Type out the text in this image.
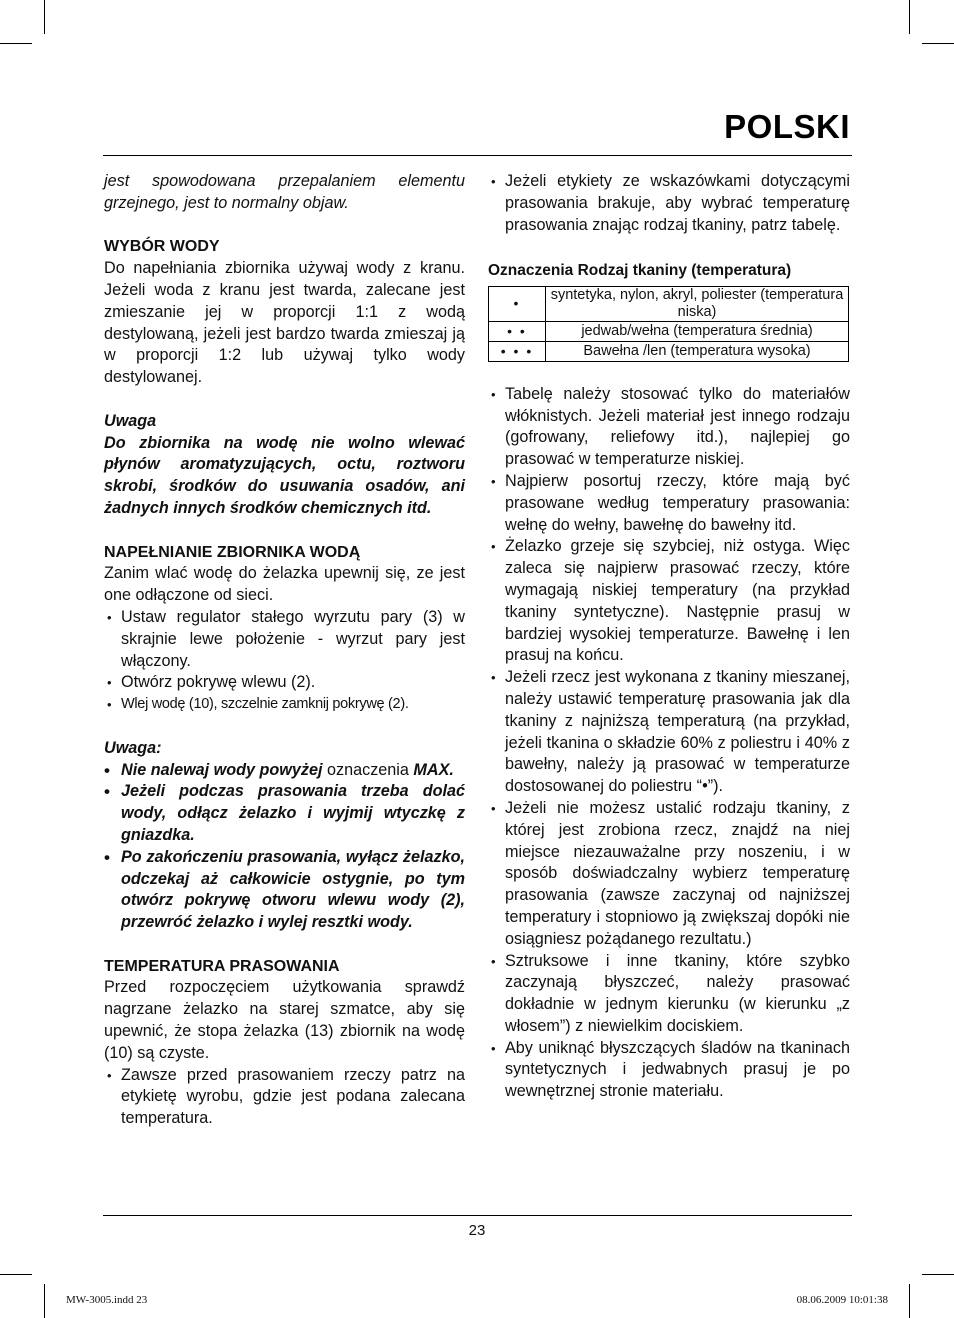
POLSKI

jest spowodowana przepalaniem elementu grzejnego, jest to normalny objaw.

WYBÓR WODY

Do napełniania zbiornika używaj wody z kranu. Jeżeli woda z kranu jest twarda, zalecane jest zmieszanie jej w proporcji 1:1 z wodą destylowaną, jeżeli jest bardzo twarda zmieszaj ją w proporcji 1:2 lub używaj tylko wody destylowanej.

Uwaga

Do zbiornika na wodę nie wolno wlewać płynów aromatyzujących, octu, roztworu skrobi, środków do usuwania osadów, ani żadnych innych środków chemicznych itd.

NAPEŁNIANIE ZBIORNIKA WODĄ

Zanim wlać wodę do żelazka upewnij się, ze jest one odłączone od sieci.

• Ustaw regulator stałego wyrzutu pary (3) w skrajnie lewe położenie - wyrzut pary jest włączony.
• Otwórz pokrywę wlewu (2).
• Wlej wodę (10), szczelnie zamknij pokrywę (2).

Uwaga:

• Nie nalewaj wody powyżej oznaczenia MAX.
• Jeżeli podczas prasowania trzeba dolać wody, odłącz żelazko i wyjmij wtyczkę z gniazdka.
• Po zakończeniu prasowania, wyłącz żelazko, odczekaj aż całkowicie ostygnie, po tym otwórz pokrywę otworu wlewu wody (2), przewróć żelazko i wylej resztki wody.
TEMPERATURA PRASOWANIA

Przed rozpoczęciem użytkowania sprawdź nagrzane żelazko na starej szmatce, aby się upewnić, że stopa żelazka (13) zbiornik na wodę (10) są czyste.

• Zawsze przed prasowaniem rzeczy patrz na etykietę wyrobu, gdzie jest podana zalecana temperatura.
• Jeżeli etykiety ze wskazówkami dotyczącymi prasowania brakuje, aby wybrać temperaturę prasowania znając rodzaj tkaniny, patrz tabelę.
Oznaczenia Rodzaj tkaniny (temperatura)
•	syntetyka, nylon, akryl, poliester (temperatura niska)
• •	jedwab/wełna (temperatura średnia)
• • •	Bawełna /len (temperatura wysoka)
• Tabelę należy stosować tylko do materiałów włóknistych. Jeżeli materiał jest innego rodzaju (gofrowany, reliefowy itd.), najlepiej go prasować w temperaturze niskiej.
• Najpierw posortuj rzeczy, które mają być prasowane według temperatury prasowania: wełnę do wełny, bawełnę do bawełny itd.
• Żelazko grzeje się szybciej, niż ostyga. Więc zaleca się najpierw prasować rzeczy, które wymagają niskiej temperatury (na przykład tkaniny syntetyczne). Następnie prasuj w bardziej wysokiej temperaturze. Bawełnę i len prasuj na końcu.
• Jeżeli rzecz jest wykonana z tkaniny mieszanej, należy ustawić temperaturę prasowania jak dla tkaniny z najniższą temperaturą (na przykład, jeżeli tkanina o składzie 60% z poliestru i 40% z bawełny, należy ją prasować w temperaturze dostosowanej do poliestru “•”).
• Jeżeli nie możesz ustalić rodzaju tkaniny, z której jest zrobiona rzecz, znajdź na niej miejsce niezauważalne przy noszeniu, i w sposób doświadczalny wybierz temperaturę prasowania (zawsze zaczynaj od najniższej temperatury i stopniowo ją zwiększaj dopóki nie osiągniesz pożądanego rezultatu.)
• Sztruksowe i inne tkaniny, które szybko zaczynają błyszczeć, należy prasować dokładnie w jednym kierunku (w kierunku „z włosem”) z niewielkim dociskiem.
• Aby uniknąć błyszczących śladów na tkaninach syntetycznych i jedwabnych prasuj je po wewnętrznej stronie materiału.
23
MW-3005.indd 23	08.06.2009 10:01:38
